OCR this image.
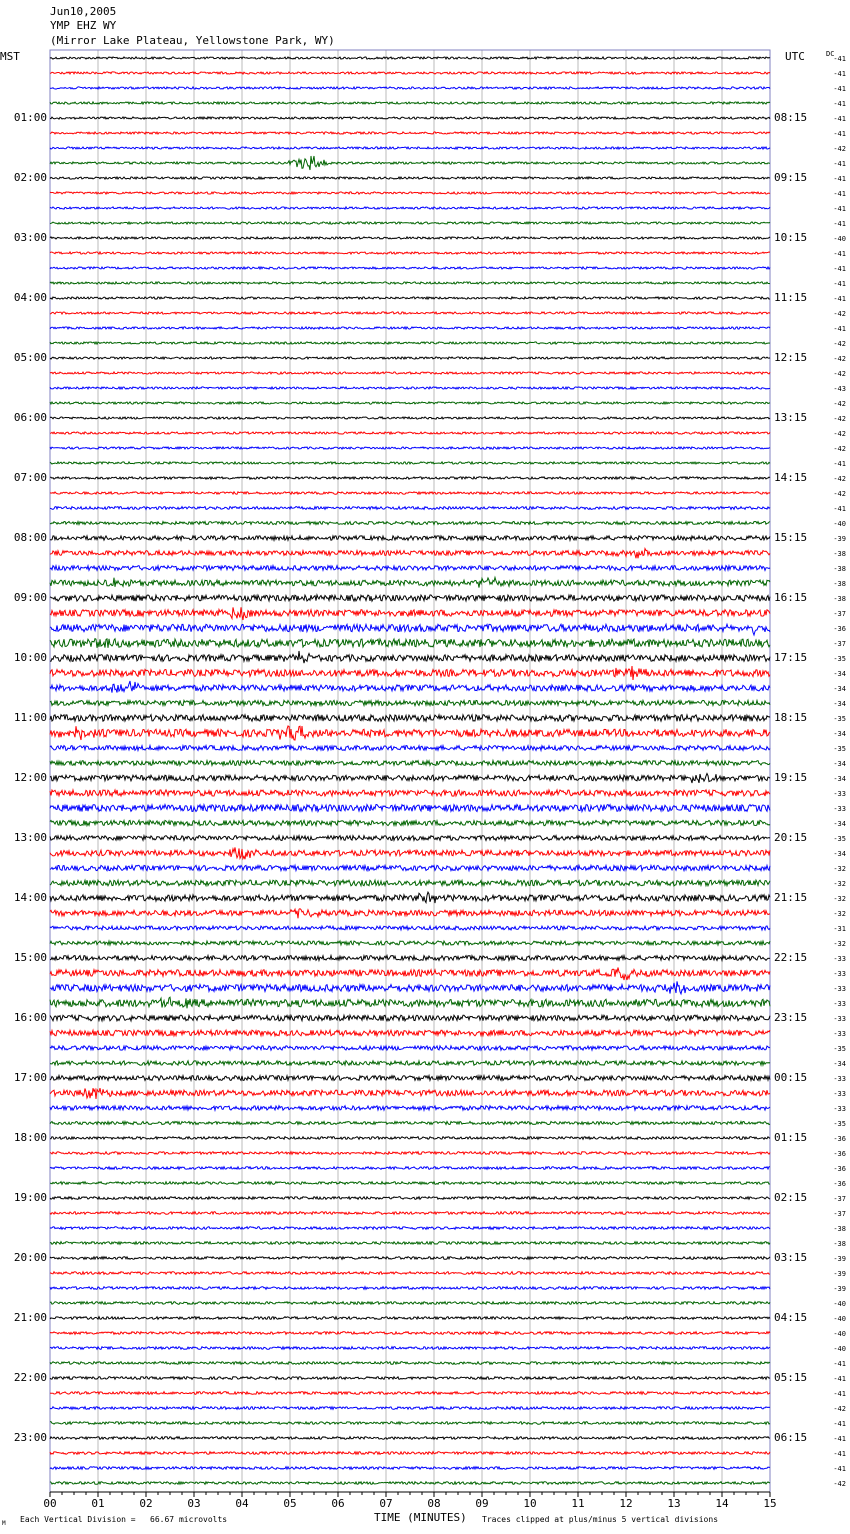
Jun10,2005
YMP EHZ WY
(Mirror Lake Plateau, Yellowstone Park, WY)
MST	UTC	DC
-41
-41
-41
-41
-41
-41
-42
-41
-41
-41
-41
-41
-40
-41
-41
-41
-41
-42
-41
-42
-42
-42
-43
-42
-42
-42
-42
-41
-42
-42
-41
-40
-39
-38
-38
-38
-38
-37
-36
-37
-35
-34
-34
-34
-35
-34
-35
-34
-34
-33
-33
-34
-35
-34
-32
-32
-32
-32
-31
-32
-33
-33
-33
-33
-33
-33
-35
-34
-33
-33
-33
-35
-36
-36
-36
-36
-37
-37
-38
-38
-39
-39
-39
-40
-40
-40
-40
-41
-41
-41
-42
-41
-41
-41
-41
-42
01:00
02:00
03:00
04:00
05:00
06:00
07:00
08:00
09:00
10:00
11:00
12:00
13:00
14:00
15:00
16:00
17:00
18:00
19:00
20:00
21:00
22:00
23:00
08:15
09:15
10:15
11:15
12:15
13:15
14:15
15:15
16:15
17:15
18:15
19:15
20:15
21:15
22:15
23:15
00:15
01:15
02:15
03:15
04:15
05:15
06:15
00	01	02	03	04	05	06	07	08	09	10	11	12	13	14	15
M Each Vertical Division =   66.67 microvolts	TIME (MINUTES) Traces clipped at plus/minus 5 vertical divisions
